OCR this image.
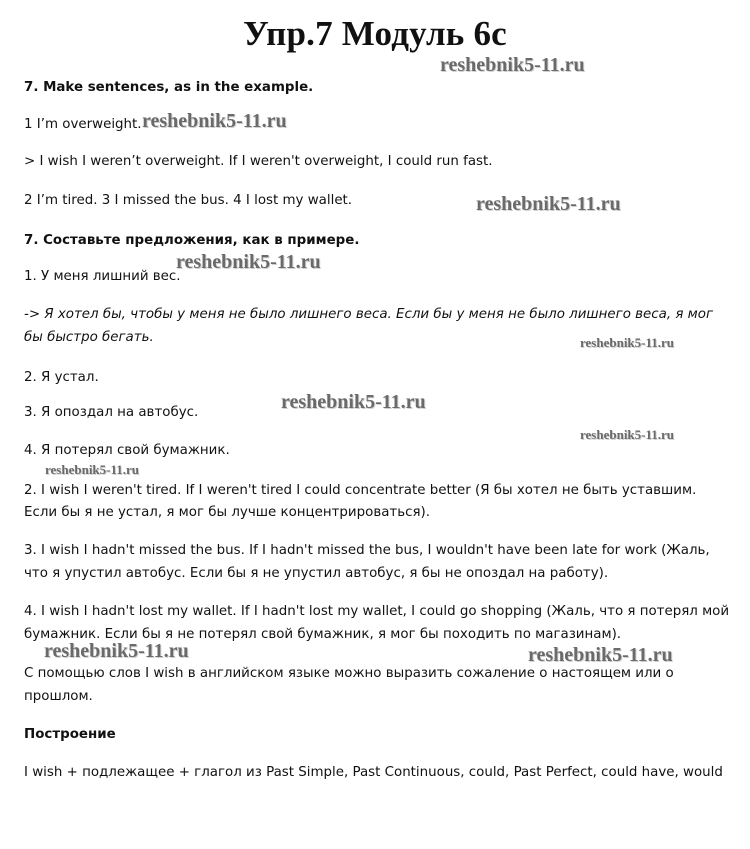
Упр.7 Модуль 6с
reshebnik5-11.ru
7. Make sentences, as in the example.
1 I’m overweight. reshebnik5-11.ru
> I wish I weren’t overweight. If I weren't overweight, I could run fast.
2 I’m tired. 3 I missed the bus. 4 I lost my wallet.	reshebnik5-11.ru
7. Составьте предложения, как в примере.
1. У меня лишний вес.
reshebnik5-11.ru
-> Я хотел бы, чтобы у меня не было лишнего веса. Если бы у меня не было лишнего веса, я мог
бы быстро бегать.	reshebnik5-11.ru
2. Я устал.
3. Я опоздал на автобус.	reshebnik5-11.ru
reshebnik5-11.ru
4. Я потерял свой бумажник.
reshebnik5-11.ru
2. I wish I weren't tired. If I weren't tired I could concentrate better (Я бы хотел не быть уставшим.
Если бы я не устал, я мог бы лучше концентрироваться).
3. I wish I hadn't missed the bus. If I hadn't missed the bus, I wouldn't have been late for work (Жаль,
что я упустил автобус. Если бы я не упустил автобус, я бы не опоздал на работу).
4. I wish I hadn't lost my wallet. If I hadn't lost my wallet, I could go shopping (Жаль, что я потерял мой
бумажник. Если бы я не потерял свой бумажник, я мог бы походить по магазинам).
reshebnik5-11.ru	reshebnik5-11.ru
С помощью слов I wish в английском языке можно выразить сожаление о настоящем или о
прошлом.
Построение
I wish + подлежащее + глагол из Past Simple, Past Continuous, could, Past Perfect, could have, would
